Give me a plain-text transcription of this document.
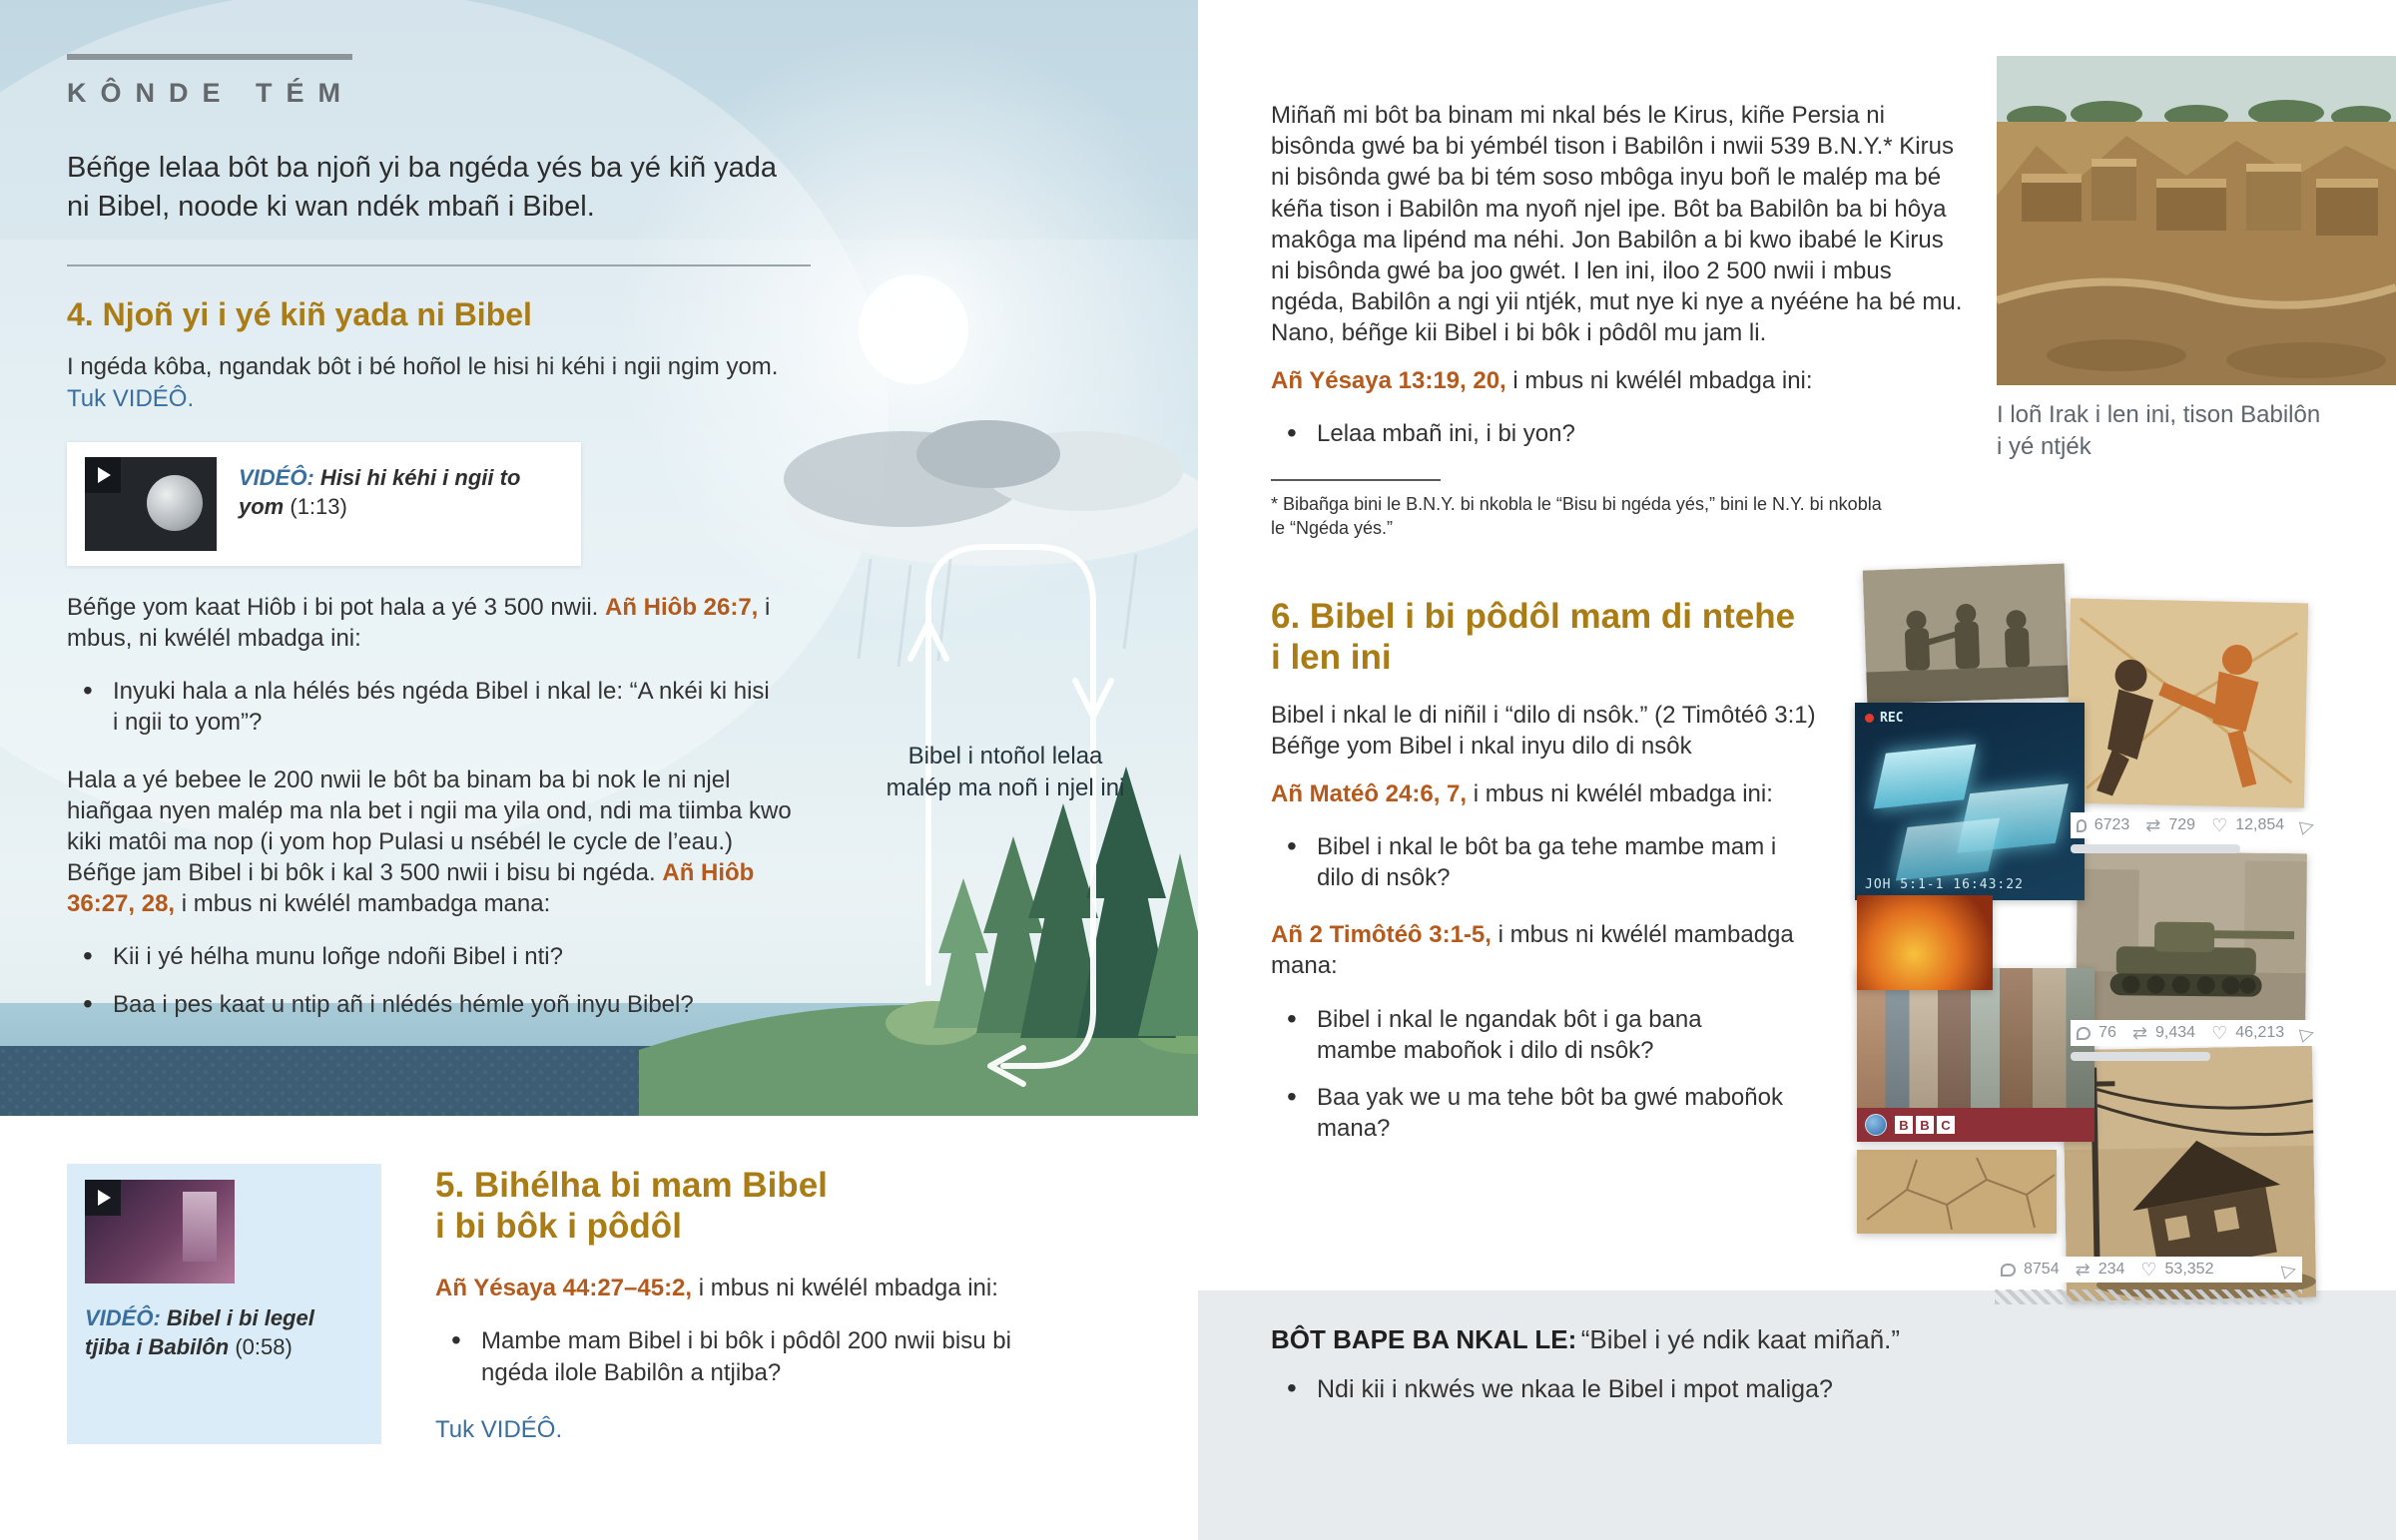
KÔNDE TÉM

Béñge lelaa bôt ba njoñ yi ba ngéda yés ba yé kiñ yada ni Bibel, noode ki wan ndék mbañ i Bibel.

4. Njoñ yi i yé kiñ yada ni Bibel

I ngéda kôba, ngandak bôt i bé hoñol le hisi hi kéhi i ngii ngim yom. Tuk VIDÉÔ.

VIDÉÔ: Hisi hi kéhi i ngii to yom (1:13)

Béñge yom kaat Hiôb i bi pot hala a yé 3 500 nwii. Añ Hiôb 26:7, i mbus, ni kwélél mbadga ini:

• Inyuki hala a nla hélés bés ngéda Bibel i nkal le: “A nkéi ki hisi i ngii to yom”?

Hala a yé bebee le 200 nwii le bôt ba binam ba bi nok le ni njel hiañgaa nyen malép ma nla bet i ngii ma yila ond, ndi ma tiimba kwo kiki matôi ma nop (i yom hop Pulasi u nsébél le cycle de l’eau.) Béñge jam Bibel i bi bôk i kal 3 500 nwii i bisu bi ngéda. Añ Hiôb 36:27, 28, i mbus ni kwélél mambadga mana:

• Kii i yé hélha munu loñge ndoñi Bibel i nti?
• Baa i pes kaat u ntip añ i nlédés hémle yoñ inyu Bibel?
Bibel i ntoñol lelaa malép ma noñ i njel ini

VIDÉÔ: Bibel i bi legel tjiba i Babilôn (0:58)

5. Bihélha bi mam Bibel i bi bôk i pôdôl

Añ Yésaya 44:27–45:2, i mbus ni kwélél mbadga ini:

• Mambe mam Bibel i bi bôk i pôdôl 200 nwii bisu bi ngéda ilole Babilôn a ntjiba?

Tuk VIDÉÔ.

Miñañ mi bôt ba binam mi nkal bés le Kirus, kiñe Persia ni bisônda gwé ba bi yémbél tison i Babilôn i nwii 539 B.N.Y.* Kirus ni bisônda gwé ba bi tém soso mbôga inyu boñ le malép ma bé kéña tison i Babilôn ma nyoñ njel ipe. Bôt ba Babilôn ba bi hôya makôga ma lipénd ma néhi. Jon Babilôn a bi kwo ibabé le Kirus ni bisônda gwé ba joo gwét. I len ini, iloo 2 500 nwii i mbus ngéda, Babilôn a ngi yii ntjék, mut nye ki nye a nyééne ha bé mu. Nano, béñge kii Bibel i bi bôk i pôdôl mu jam li.

Añ Yésaya 13:19, 20, i mbus ni kwélél mbadga ini:

• Lelaa mbañ ini, i bi yon?

* Bibañga bini le B.N.Y. bi nkobla le “Bisu bi ngéda yés,” bini le N.Y. bi nkobla le “Ngéda yés.”

I loñ Irak i len ini, tison Babilôn i yé ntjék

6. Bibel i bi pôdôl mam di ntehe i len ini

Bibel i nkal le di niñil i “dilo di nsôk.” (2 Timôtéô 3:1) Béñge yom Bibel i nkal inyu dilo di nsôk

Añ Matéô 24:6, 7, i mbus ni kwélél mbadga ini:

• Bibel i nkal le bôt ba ga tehe mambe mam i dilo di nsôk?

Añ 2 Timôtéô 3:1-5, i mbus ni kwélél mambadga mana:

• Bibel i nkal le ngandak bôt i ga bana mambe maboñok i dilo di nsôk?
• Baa yak we u ma tehe bôt ba gwé maboñok mana?
REC
JOH 5:1-1 16:43:22
6723 ⇄ 729 ♡ 12,854 ▷
B B C
76 ⇄ 9,434 ♡ 46,213 ▷
8754 ⇄ 234 ♡ 53,352	▷

BÔT BAPE BA NKAL LE: “Bibel i yé ndik kaat miñañ.”

• Ndi kii i nkwés we nkaa le Bibel i mpot maliga?
